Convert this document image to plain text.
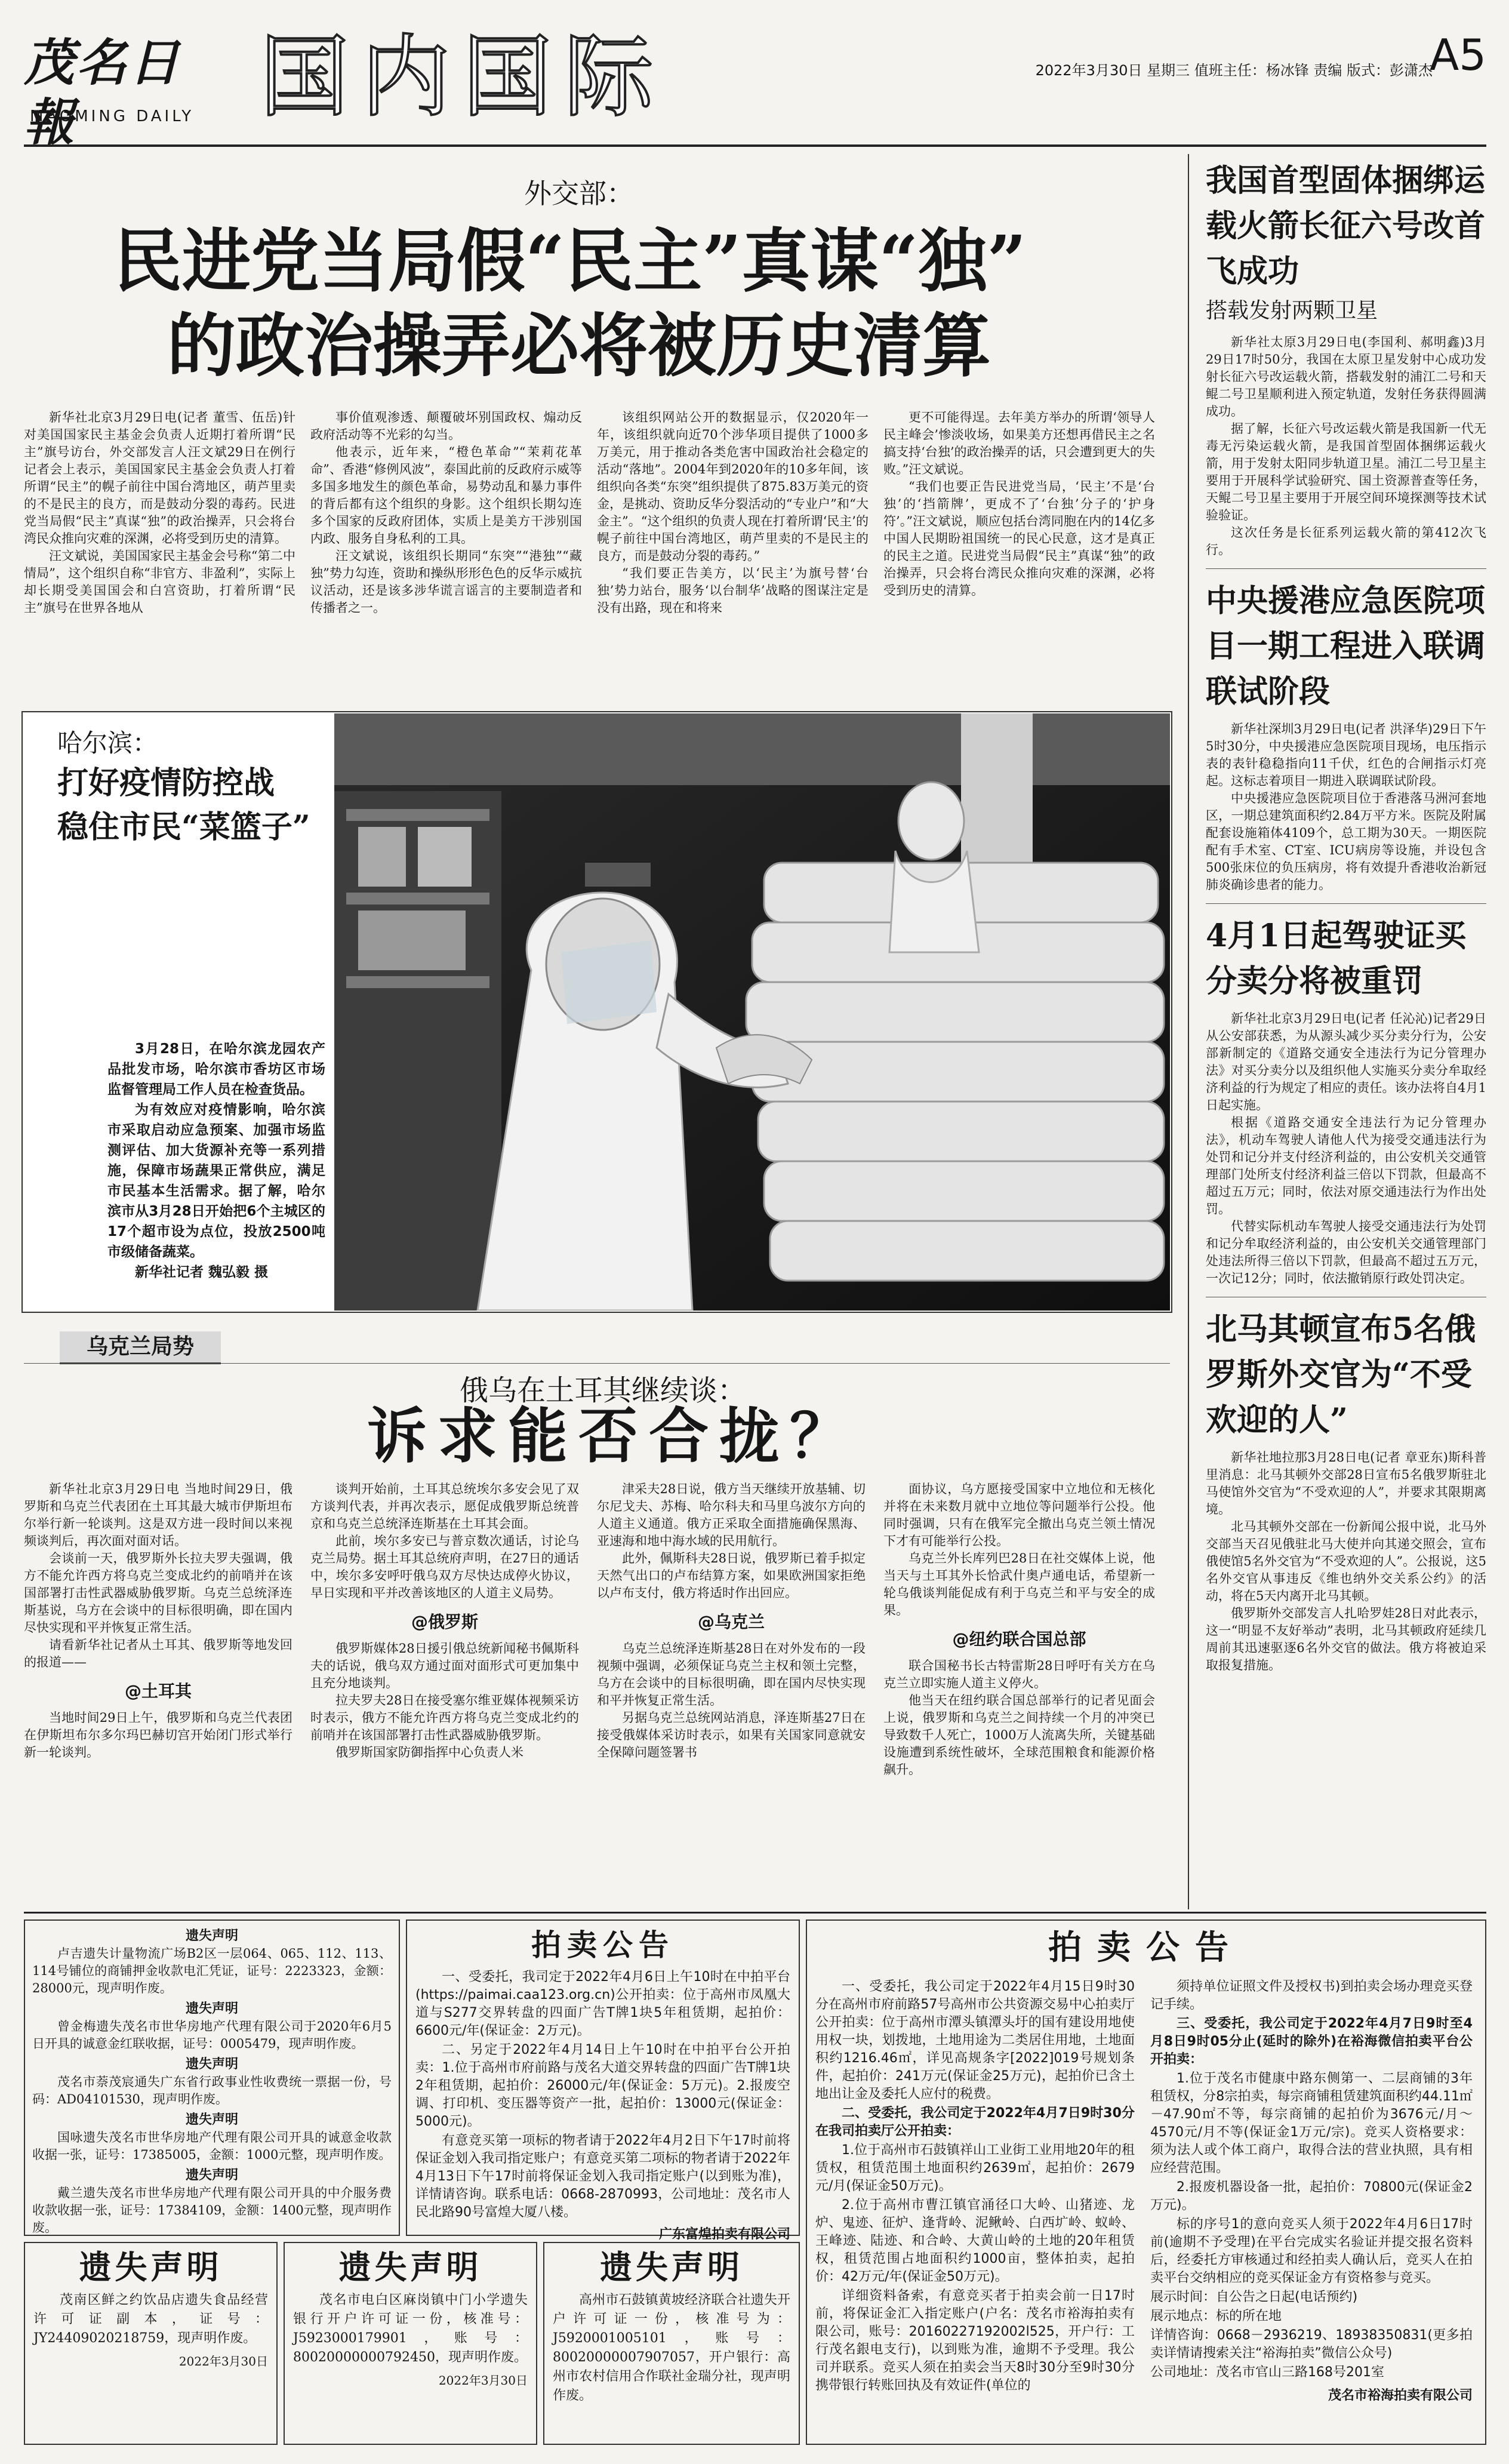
茂名日報
MAOMING DAILY 国内国际	2022年3月30日 星期三 值班主任：杨冰锋 责编 版式：彭潇杰
A5
外交部：
民进党当局假“民主”真谋“独”
的政治操弄必将被历史清算

新华社北京3月29日电(记者 董雪、伍岳)针对美国国家民主基金会负责人近期打着所谓“民主”旗号访台，外交部发言人汪文斌29日在例行记者会上表示，美国国家民主基金会负责人打着所谓“民主”的幌子前往中国台湾地区，萌芦里卖的不是民主的良方，而是鼓动分裂的毒药。民进党当局假“民主”真谋“独”的政治操弄，只会将台湾民众推向灾难的深渊，必将受到历史的清算。

汪文斌说，美国国家民主基金会号称“第二中情局”，这个组织自称“非官方、非盈利”，实际上却长期受美国国会和白宫资助，打着所谓“民主”旗号在世界各地从

事价值观渗透、颠覆破坏别国政权、煽动反政府活动等不光彩的勾当。

他表示，近年来，“橙色革命”“茉莉花革命”、香港“修例风波”，泰国此前的反政府示威等多国多地发生的颜色革命，易势动乱和暴力事件的背后都有这个组织的身影。这个组织长期勾连多个国家的反政府团体，实质上是美方干涉别国内政、服务自身私利的工具。

汪文斌说，该组织长期同“东突”“港独”“藏独”势力勾连，资助和操纵形形色色的反华示威抗议活动，还是该多涉华谎言谣言的主要制造者和传播者之一。

该组织网站公开的数据显示，仅2020年一年，该组织就向近70个涉华项目提供了1000多万美元，用于推动各类危害中国政治社会稳定的活动“落地”。2004年到2020年的10多年间，该组织向各类“东突”组织提供了875.83万美元的资金，是挑动、资助反华分裂活动的“专业户”和“大金主”。“这个组织的负责人现在打着所谓‘民主’的幌子前往中国台湾地区，萌芦里卖的不是民主的良方，而是鼓动分裂的毒药。”

“我们要正告美方，以‘民主’为旗号替‘台独’势力站台，服务‘以台制华’战略的图谋注定是没有出路，现在和将来

更不可能得逞。去年美方举办的所谓‘领导人民主峰会’惨淡收场，如果美方还想再借民主之名搞支持‘台独’的政治操弄的话，只会遭到更大的失败。”汪文斌说。

“我们也要正告民进党当局，‘民主’不是‘台独’的‘挡箭牌’，更成不了‘台独’分子的‘护身符’。”汪文斌说，顺应包括台湾同胞在内的14亿多中国人民期盼祖国统一的民心民意，这才是真正的民主之道。民进党当局假“民主”真谋“独”的政治操弄，只会将台湾民众推向灾难的深渊，必将受到历史的清算。

哈尔滨：
打好疫情防控战
稳住市民“菜篮子”

3月28日，在哈尔滨龙园农产品批发市场，哈尔滨市香坊区市场监督管理局工作人员在检查货品。

为有效应对疫情影响，哈尔滨市采取启动应急预案、加强市场监测评估、加大货源补充等一系列措施，保障市场蔬果正常供应，满足市民基本生活需求。据了解，哈尔滨市从3月28日开始把6个主城区的17个超市设为点位，投放2500吨市级储备蔬菜。

新华社记者 魏弘毅 摄

乌克兰局势
俄乌在土耳其继续谈：
诉求能否合拢？

新华社北京3月29日电 当地时间29日，俄罗斯和乌克兰代表团在土耳其最大城市伊斯坦布尔举行新一轮谈判。这是双方进一段时间以来视频谈判后，再次面对面对话。

会谈前一天，俄罗斯外长拉夫罗夫强调，俄方不能允许西方将乌克兰变成北约的前哨并在该国部署打击性武器威胁俄罗斯。乌克兰总统泽连斯基说，乌方在会谈中的目标很明确，即在国内尽快实现和平并恢复正常生活。

请看新华社记者从土耳其、俄罗斯等地发回的报道——

@土耳其

当地时间29日上午，俄罗斯和乌克兰代表团在伊斯坦布尔多尔玛巴赫切宫开始闭门形式举行新一轮谈判。

谈判开始前，土耳其总统埃尔多安会见了双方谈判代表，并再次表示，愿促成俄罗斯总统普京和乌克兰总统泽连斯基在土耳其会面。

此前，埃尔多安已与普京数次通话，讨论乌克兰局势。据土耳其总统府声明，在27日的通话中，埃尔多安呼吁俄乌双方尽快达成停火协议，早日实现和平并改善该地区的人道主义局势。

@俄罗斯

俄罗斯媒体28日援引俄总统新闻秘书佩斯科夫的话说，俄乌双方通过面对面形式可更加集中且充分地谈判。

拉夫罗夫28日在接受塞尔维亚媒体视频采访时表示，俄方不能允许西方将乌克兰变成北约的前哨并在该国部署打击性武器威胁俄罗斯。

俄罗斯国家防御指挥中心负责人米

津采夫28日说，俄方当天继续开放基辅、切尔尼戈夫、苏梅、哈尔科夫和马里乌波尔方向的人道主义通道。俄方正采取全面措施确保黑海、亚速海和地中海水域的民用航行。

此外，佩斯科夫28日说，俄罗斯已着手拟定天然气出口的卢布结算方案，如果欧洲国家拒绝以卢布支付，俄方将适时作出回应。

@乌克兰

乌克兰总统泽连斯基28日在对外发布的一段视频中强调，必须保证乌克兰主权和领土完整，乌方在会谈中的目标很明确，即在国内尽快实现和平并恢复正常生活。

另据乌克兰总统网站消息，泽连斯基27日在接受俄媒体采访时表示，如果有关国家同意就安全保障问题签署书

面协议，乌方愿接受国家中立地位和无核化并将在未来数月就中立地位等问题举行公投。他同时强调，只有在俄军完全撤出乌克兰领土情况下才有可能举行公投。

乌克兰外长库列巴28日在社交媒体上说，他当天与土耳其外长恰武什奥卢通电话，希望新一轮乌俄谈判能促成有利于乌克兰和平与安全的成果。

@纽约联合国总部

联合国秘书长古特雷斯28日呼吁有关方在乌克兰立即实施人道主义停火。

他当天在纽约联合国总部举行的记者见面会上说，俄罗斯和乌克兰之间持续一个月的冲突已导致数千人死亡，1000万人流离失所，关键基础设施遭到系统性破坏，全球范围粮食和能源价格飙升。

我国首型固体捆绑运载火箭长征六号改首飞成功
搭载发射两颗卫星

新华社太原3月29日电(李国利、郝明鑫)3月29日17时50分，我国在太原卫星发射中心成功发射长征六号改运载火箭，搭载发射的浦江二号和天鲲二号卫星顺利进入预定轨道，发射任务获得圆满成功。

据了解，长征六号改运载火箭是我国新一代无毒无污染运载火箭，是我国首型固体捆绑运载火箭，用于发射太阳同步轨道卫星。浦江二号卫星主要用于开展科学试验研究、国土资源普查等任务，天鲲二号卫星主要用于开展空间环境探测等技术试验验证。

这次任务是长征系列运载火箭的第412次飞行。

中央援港应急医院项目一期工程进入联调联试阶段

新华社深圳3月29日电(记者 洪泽华)29日下午5时30分，中央援港应急医院项目现场，电压指示表的表针稳稳指向11千伏，红色的合闸指示灯亮起。这标志着项目一期进入联调联试阶段。

中央援港应急医院项目位于香港落马洲河套地区，一期总建筑面积约2.84万平方米。医院及附属配套设施箱体4109个，总工期为30天。一期医院配有手术室、CT室、ICU病房等设施，并设包含500张床位的负压病房，将有效提升香港收治新冠肺炎确诊患者的能力。

4月1日起驾驶证买分卖分将被重罚

新华社北京3月29日电(记者 任沁沁)记者29日从公安部获悉，为从源头减少买分卖分行为，公安部新制定的《道路交通安全违法行为记分管理办法》对买分卖分以及组织他人实施买分卖分牟取经济利益的行为规定了相应的责任。该办法将自4月1日起实施。

根据《道路交通安全违法行为记分管理办法》，机动车驾驶人请他人代为接受交通违法行为处罚和记分并支付经济利益的，由公安机关交通管理部门处所支付经济利益三倍以下罚款，但最高不超过五万元；同时，依法对原交通违法行为作出处罚。

代替实际机动车驾驶人接受交通违法行为处罚和记分牟取经济利益的，由公安机关交通管理部门处违法所得三倍以下罚款，但最高不超过五万元，一次记12分；同时，依法撤销原行政处罚决定。

北马其顿宣布5名俄罗斯外交官为“不受欢迎的人”

新华社地拉那3月28日电(记者 章亚东)斯科普里消息：北马其顿外交部28日宣布5名俄罗斯驻北马使馆外交官为“不受欢迎的人”，并要求其限期离境。

北马其顿外交部在一份新闻公报中说，北马外交部当天召见俄驻北马大使并向其递交照会，宣布俄使馆5名外交官为“不受欢迎的人”。公报说，这5名外交官从事违反《维也纳外交关系公约》的活动，将在5天内离开北马其顿。

俄罗斯外交部发言人扎哈罗娃28日对此表示，这一“明显不友好举动”表明，北马其顿政府延续几周前其迅速驱逐6名外交官的做法。俄方将被迫采取报复措施。

遗失声明

卢吉遗失计量物流广场B2区一层064、065、112、113、114号铺位的商铺押金收款电汇凭证，证号：2223323，金额：28000元，现声明作废。

遗失声明

曾金梅遗失茂名市世华房地产代理有限公司于2020年6月5日开具的诚意金红联收据，证号：0005479，现声明作废。

遗失声明

茂名市萘茂宸通失广东省行政事业性收费统一票据一份，号码：AD04101530，现声明作废。

遗失声明

国咏遗失茂名市世华房地产代理有限公司开具的诚意金收款收据一张，证号：17385005，金额：1000元整，现声明作废。

遗失声明

戴兰遗失茂名市世华房地产代理有限公司开具的中介服务费收款收据一张，证号：17384109，金额：1400元整，现声明作废。

拍卖公告

一、受委托，我司定于2022年4月6日上午10时在中拍平台(https://paimai.caa123.org.cn)公开拍卖：位于高州市凤凰大道与S277交界转盘的四面广告T牌1块5年租赁期，起拍价：6600元/年(保证金：2万元)。

二、另定于2022年4月14日上午10时在中拍平台公开拍卖：1.位于高州市府前路与茂名大道交界转盘的四面广告T牌1块2年租赁期，起拍价：26000元/年(保证金：5万元)。2.报废空调、打印机、变压器等资产一批，起拍价：13000元(保证金：5000元)。

有意竞买第一项标的物者请于2022年4月2日下午17时前将保证金划入我司指定账户；有意竞买第二项标的物者请于2022年4月13日下午17时前将保证金划入我司指定账户(以到账为准)，详情请咨询。联系电话：0668-2870993，公司地址：茂名市人民北路90号富煌大厦八楼。

广东富煌拍卖有限公司
拍卖公告

一、受委托，我公司定于2022年4月15日9时30分在高州市府前路57号高州市公共资源交易中心拍卖厅公开拍卖：位于高州市潭头镇潭头圩的国有建设用地使用权一块，划拨地，土地用途为二类居住用地，土地面积约1216.46㎡，详见高规条字[2022]019号规划条件，起拍价：241万元(保证金25万元)，起拍价已含土地出让金及委托人应付的税费。

二、受委托，我公司定于2022年4月7日9时30分在我司拍卖厅公开拍卖：

1.位于高州市石鼓镇祥山工业街工业用地20年的租赁权，租赁范围土地面积约2639㎡，起拍价：2679元/月(保证金50万元)。

2.位于高州市曹江镇官涌径口大岭、山猪迹、龙炉、鬼迹、征炉、逢背岭、泥鳅岭、白西圹岭、蚁岭、王峰迹、陆迹、和合岭、大黄山岭的土地的20年租赁权，租赁范围占地面积约1000亩，整体拍卖，起拍价：42万元/年(保证金50万元)。

详细资料备索，有意竞买者于拍卖会前一日17时前，将保证金汇入指定账户(户名：茂名市裕海拍卖有限公司，账号：20160227192002l525，开户行：工行茂名銀电支行)，以到账为准，逾期不予受理。我公司并联系。竞买人须在拍卖会当天8时30分至9时30分携带银行转账回执及有效证件(单位的

须持单位证照文件及授权书)到拍卖会场办理竞买登记手续。

三、受委托，我公司定于2022年4月7日9时至4月8日9时05分止(延时的除外)在裕海微信拍卖平台公开拍卖：

1.位于茂名市健康中路东侧第一、二层商铺的3年租赁权，分8宗拍卖，每宗商铺租赁建筑面积约44.11㎡－47.90㎡不等，每宗商铺的起拍价为3676元/月～4570元/月不等(保证金1万元/宗)。竞买人资格要求：须为法人或个体工商户，取得合法的营业执照，具有相应经营范围。

2.报废机器设备一批，起拍价：70800元(保证金2万元)。

标的序号1的意向竞买人须于2022年4月6日17时前(逾期不予受理)在平台完成实名验证并提交报名资料后，经委托方审核通过和经拍卖人确认后，竞买人在拍卖平台交纳相应的竞买保证金方有资格参与竞买。

展示时间：自公告之日起(电话预约)

展示地点：标的所在地

详情咨询：0668－2936219、18938350831(更多拍卖详情请搜索关注“裕海拍卖”微信公众号)

公司地址：茂名市官山三路168号201室

茂名市裕海拍卖有限公司
遗失声明

茂南区鲜之约饮品店遗失食品经营许可证副本，证号：JY24409020218759，现声明作废。

2022年3月30日
遗失声明

茂名市电白区麻岗镇中门小学遗失银行开户许可证一份，核准号：J5923000179901，账号：80020000000792450，现声明作废。

2022年3月30日
遗失声明

高州市石鼓镇黄坡经济联合社遗失开户许可证一份，核准号为：J5920001005101，账号：80020000007907057，开户银行：高州市农村信用合作联社金瑞分社，现声明作废。
